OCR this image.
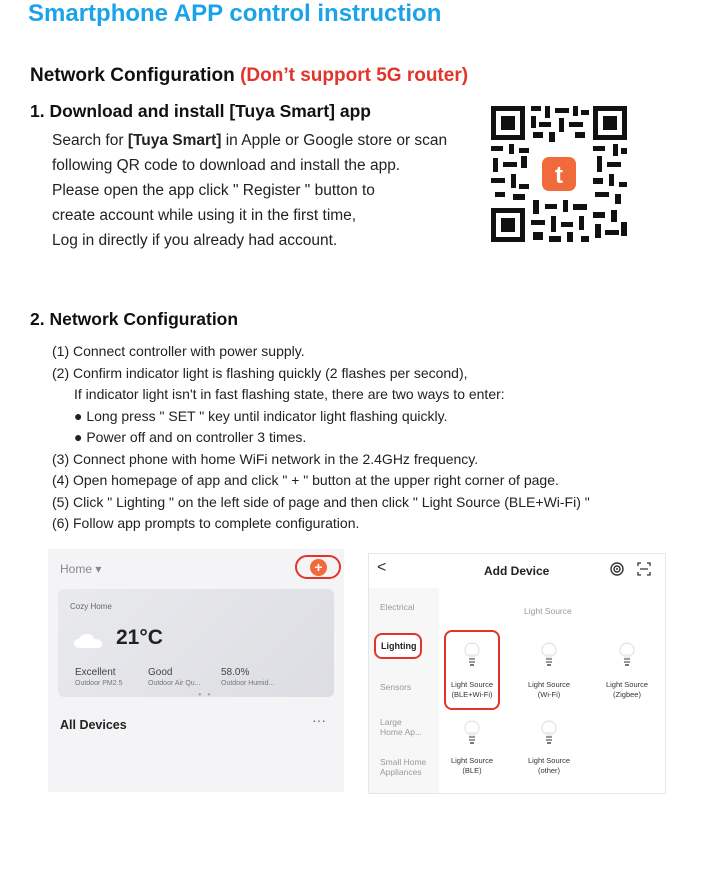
Smartphone APP control instruction
Network Configuration (Don’t support 5G router)
1. Download and install [Tuya Smart] app
Search for [Tuya Smart] in Apple or Google store or scan
following QR code to download and install the app.
Please open the app click " Register " button to
create account while using it in the first time,
Log in directly if you already had account.
t
2. Network Configuration
(1) Connect controller with power supply.
(2) Confirm indicator light is flashing quickly (2 flashes per second),
If indicator light isn't in fast flashing state, there are two ways to enter:
● Long press " SET " key until indicator light flashing quickly.
● Power off and on controller 3 times.
(3) Connect phone with home WiFi network in the 2.4GHz frequency.
(4) Open homepage of app and click " + " button at the upper right corner of page.
(5) Click " Lighting " on the left side of page and then click " Light Source (BLE+Wi-Fi) "
(6) Follow app prompts to complete configuration.
Home ▾	+
Cozy Home
21°C
Excellent
Outdoor PM2.5
Good
Outdoor Air Qu...
58.0%
Outdoor Humid...
● ●
All Devices	···
<	Add Device
Electrical
Lighting
Sensors
Large Home Ap...
Small Home Appliances
Light Source
Light Source
(BLE+Wi-Fi)
Light Source
(Wi-Fi)
Light Source
(Zigbee)
Light Source
(BLE)
Light Source
(other)
